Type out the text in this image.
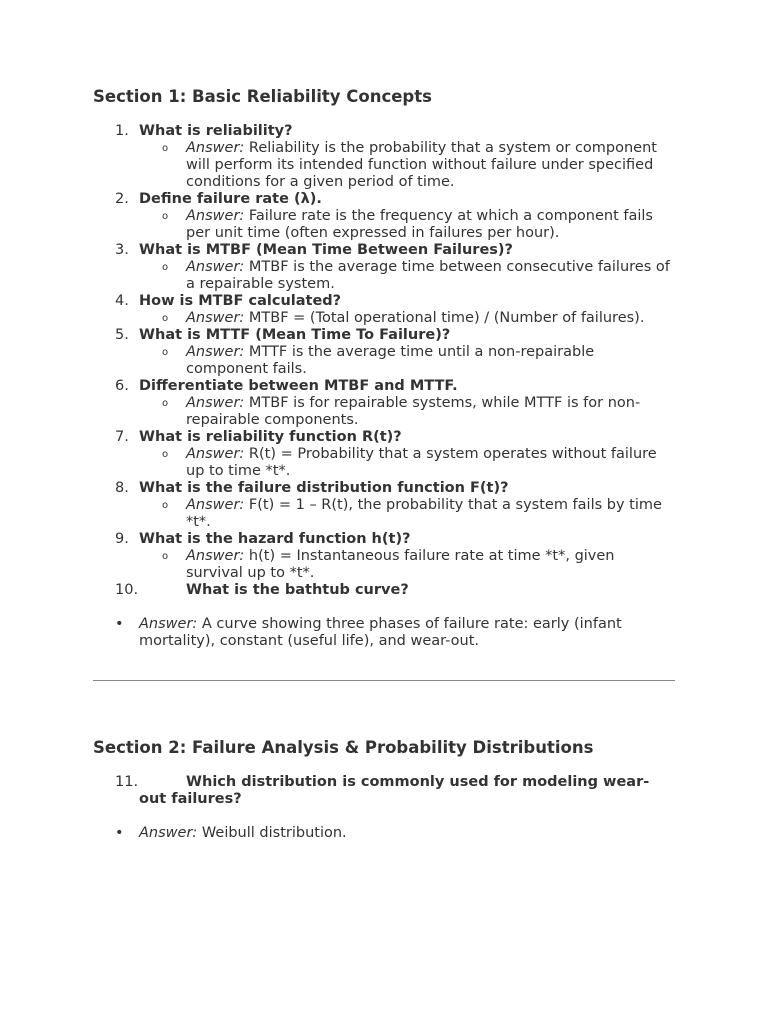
Section 1: Basic Reliability Concepts
1. What is reliability?
o Answer: Reliability is the probability that a system or component will perform its intended function without failure under specified conditions for a given period of time.
2. Define failure rate (λ).
o Answer: Failure rate is the frequency at which a component fails per unit time (often expressed in failures per hour).
3. What is MTBF (Mean Time Between Failures)?
o Answer: MTBF is the average time between consecutive failures of a repairable system.
4. How is MTBF calculated?
o Answer: MTBF = (Total operational time) / (Number of failures).
5. What is MTTF (Mean Time To Failure)?
o Answer: MTTF is the average time until a non-repairable component fails.
6. Differentiate between MTBF and MTTF.
o Answer: MTBF is for repairable systems, while MTTF is for non-repairable components.
7. What is reliability function R(t)?
o Answer: R(t) = Probability that a system operates without failure up to time *t*.
8. What is the failure distribution function F(t)?
o Answer: F(t) = 1 – R(t), the probability that a system fails by time *t*.
9. What is the hazard function h(t)?
o Answer: h(t) = Instantaneous failure rate at time *t*, given survival up to *t*.
10.	What is the bathtub curve?
• Answer: A curve showing three phases of failure rate: early (infant mortality), constant (useful life), and wear-out.
Section 2: Failure Analysis & Probability Distributions
11.	Which distribution is commonly used for modeling wear-out failures?
• Answer: Weibull distribution.
